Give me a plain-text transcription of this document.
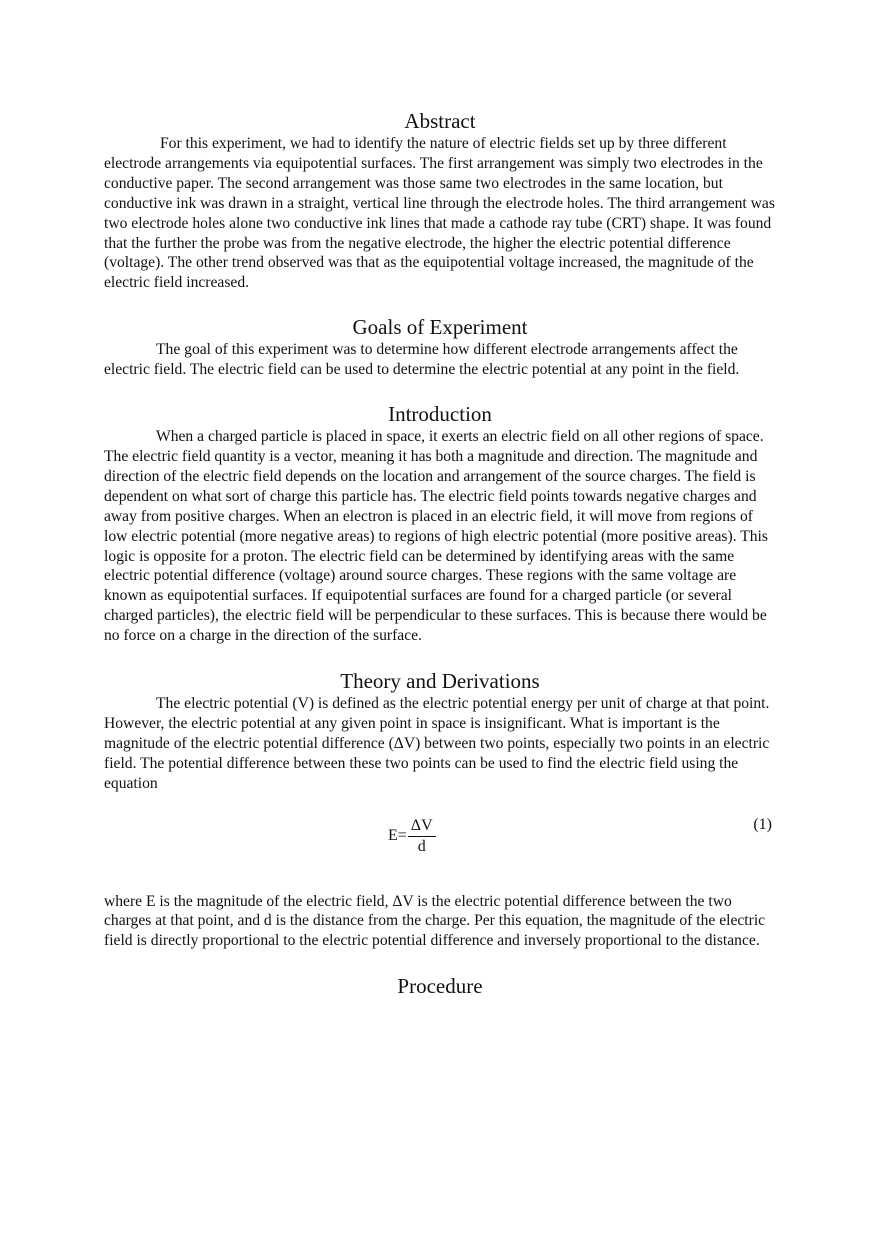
Abstract

For this experiment, we had to identify the nature of electric fields set up by three different electrode arrangements via equipotential surfaces. The first arrangement was simply two electrodes in the conductive paper. The second arrangement was those same two electrodes in the same location, but conductive ink was drawn in a straight, vertical line through the electrode holes. The third arrangement was two electrode holes alone two conductive ink lines that made a cathode ray tube (CRT) shape. It was found that the further the probe was from the negative electrode, the higher the electric potential difference (voltage). The other trend observed was that as the equipotential voltage increased, the magnitude of the electric field increased.

Goals of Experiment

The goal of this experiment was to determine how different electrode arrangements affect the electric field. The electric field can be used to determine the electric potential at any point in the field.

Introduction

When a charged particle is placed in space, it exerts an electric field on all other regions of space. The electric field quantity is a vector, meaning it has both a magnitude and direction. The magnitude and direction of the electric field depends on the location and arrangement of the source charges. The field is dependent on what sort of charge this particle has. The electric field points towards negative charges and away from positive charges. When an electron is placed in an electric field, it will move from regions of low electric potential (more negative areas) to regions of high electric potential (more positive areas). This logic is opposite for a proton. The electric field can be determined by identifying areas with the same electric potential difference (voltage) around source charges. These regions with the same voltage are known as equipotential surfaces. If equipotential surfaces are found for a charged particle (or several charged particles), the electric field will be perpendicular to these surfaces. This is because there would be no force on a charge in the direction of the surface.

Theory and Derivations

The electric potential (V) is defined as the electric potential energy per unit of charge at that point. However, the electric potential at any given point in space is insignificant. What is important is the magnitude of the electric potential difference (ΔV) between two points, especially two points in an electric field. The potential difference between these two points can be used to find the electric field using the equation

$E= \frac{\Delta V}{d}$	(1)

where E is the magnitude of the electric field, ΔV is the electric potential difference between the two charges at that point, and d is the distance from the charge. Per this equation, the magnitude of the electric field is directly proportional to the electric potential difference and inversely proportional to the distance.

Procedure
